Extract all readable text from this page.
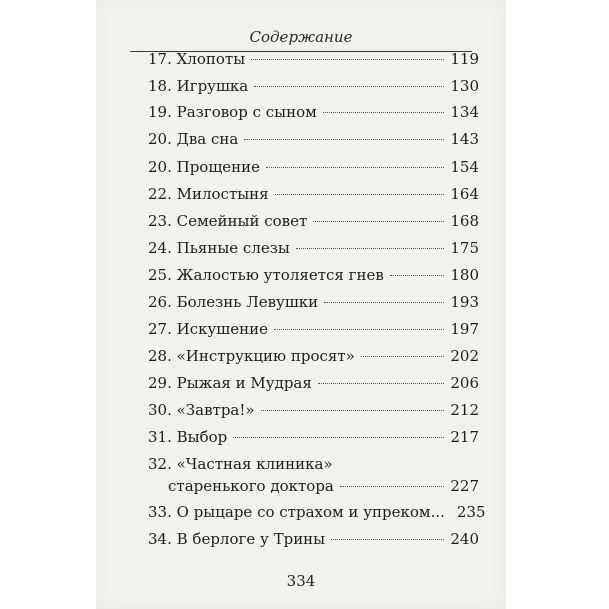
Содержание
17. Хлопоты	119
18. Игрушка	130
19. Разговор с сыном	134
20. Два сна	143
20. Прощение	154
22. Милостыня	164
23. Семейный совет	168
24. Пьяные слезы	175
25. Жалостью утоляется гнев	180
26. Болезнь Левушки	193
27. Искушение	197
28. «Инструкцию просят»	202
29. Рыжая и Мудрая	206
30. «Завтра!»	212
31. Выбор	217
32. «Частная клиника»
старенького доктора	227
33. О рыцаре со страхом и упреком... 235
34. В берлоге у Трины	240
334
